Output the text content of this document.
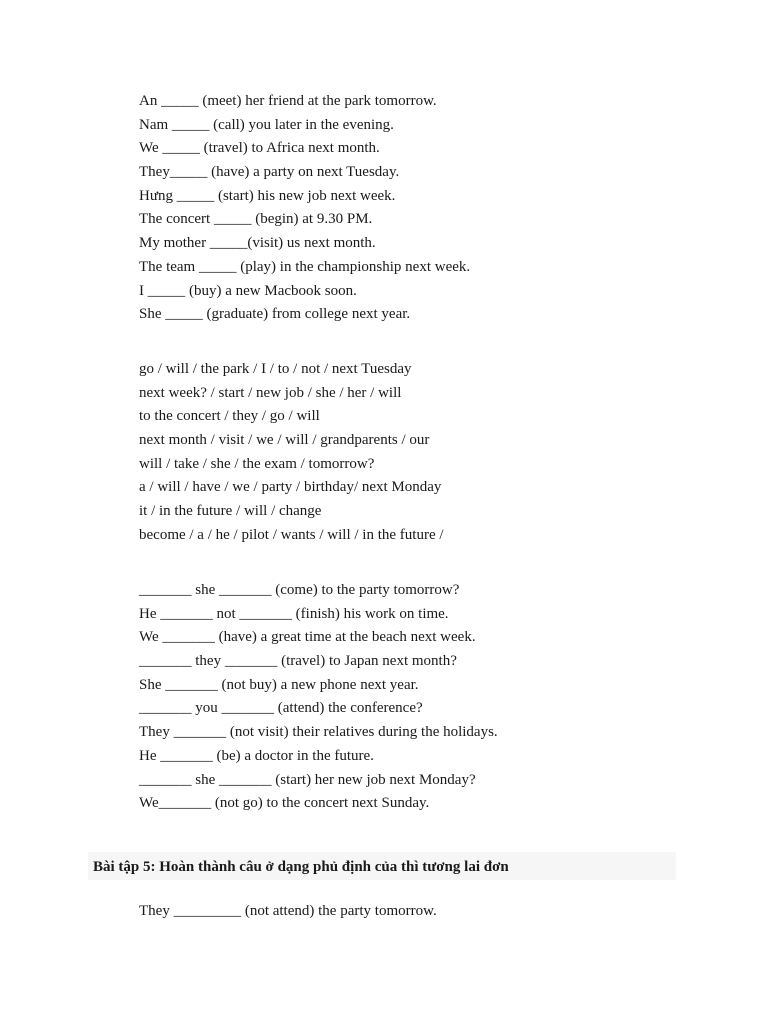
An _____ (meet) her friend at the park tomorrow.
Nam _____ (call) you later in the evening.
We _____ (travel) to Africa next month.
They_____ (have) a party on next Tuesday.
Hưng _____ (start) his new job next week.
The concert _____ (begin) at 9.30 PM.
My mother _____(visit) us next month.
The team _____ (play) in the championship next week.
I _____ (buy) a new Macbook soon.
She _____ (graduate) from college next year.
go / will / the park / I / to / not / next Tuesday
next week? / start / new job / she / her / will
to the concert / they / go / will
next month / visit / we / will / grandparents / our
will / take / she / the exam / tomorrow?
a / will / have / we / party / birthday/ next Monday
it / in the future / will / change
become / a / he / pilot / wants / will / in the future /
_______ she _______ (come) to the party tomorrow?
He _______ not _______ (finish) his work on time.
We _______ (have) a great time at the beach next week.
_______ they _______ (travel) to Japan next month?
She _______ (not buy) a new phone next year.
_______ you _______ (attend) the conference?
They _______ (not visit) their relatives during the holidays.
He _______ (be) a doctor in the future.
_______ she _______ (start) her new job next Monday?
We_______ (not go) to the concert next Sunday.
Bài tập 5: Hoàn thành câu ở dạng phủ định của thì tương lai đơn
They _________ (not attend) the party tomorrow.
